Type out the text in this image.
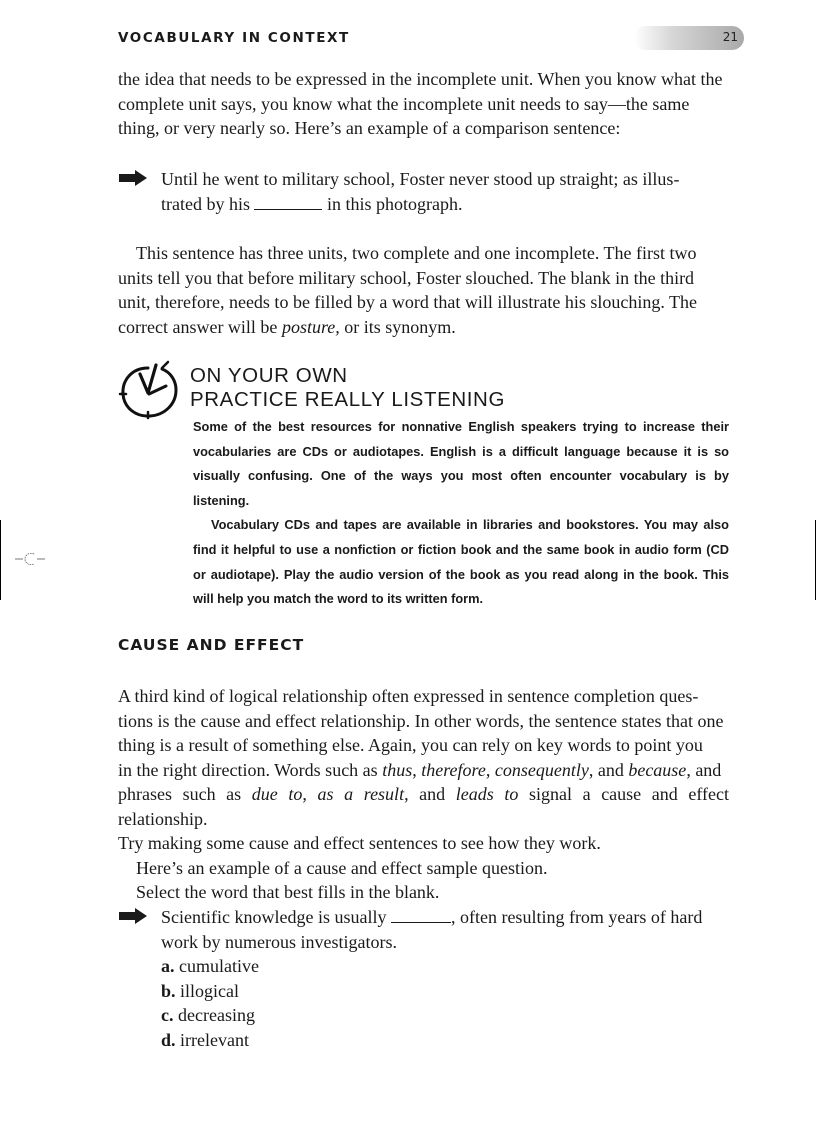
VOCABULARY IN CONTEXT	21

the idea that needs to be expressed in the incomplete unit. When you know what the
complete unit says, you know what the incomplete unit needs to say—the same
thing, or very nearly so. Here’s an example of a comparison sentence:

Until he went to military school, Foster never stood up straight; as illus-
trated by his	in this photograph.

This sentence has three units, two complete and one incomplete. The first two
units tell you that before military school, Foster slouched. The blank in the third
unit, therefore, needs to be filled by a word that will illustrate his slouching. The
correct answer will be posture, or its synonym.

ON YOUR OWN
PRACTICE REALLY LISTENING

Some of the best resources for nonnative English speakers trying to increase their vocabularies are CDs or audiotapes. English is a difficult language because it is so visually confusing. One of the ways you most often encounter vocabulary is by listening.

Vocabulary CDs and tapes are available in libraries and bookstores. You may also find it helpful to use a nonfiction or fiction book and the same book in audio form (CD or audiotape). Play the audio version of the book as you read along in the book. This will help you match the word to its written form.

CAUSE AND EFFECT

A third kind of logical relationship often expressed in sentence completion ques-
tions is the cause and effect relationship. In other words, the sentence states that one
thing is a result of something else. Again, you can rely on key words to point you
in the right direction. Words such as thus, therefore, consequently, and because, and
phrases such as due to, as a result, and leads to signal a cause and effect relationship.
Try making some cause and effect sentences to see how they work.
Here’s an example of a cause and effect sample question.
Select the word that best fills in the blank.

Scientific knowledge is usually	, often resulting from years of hard
work by numerous investigators.
a. cumulative
b. illogical
c. decreasing
d. irrelevant
